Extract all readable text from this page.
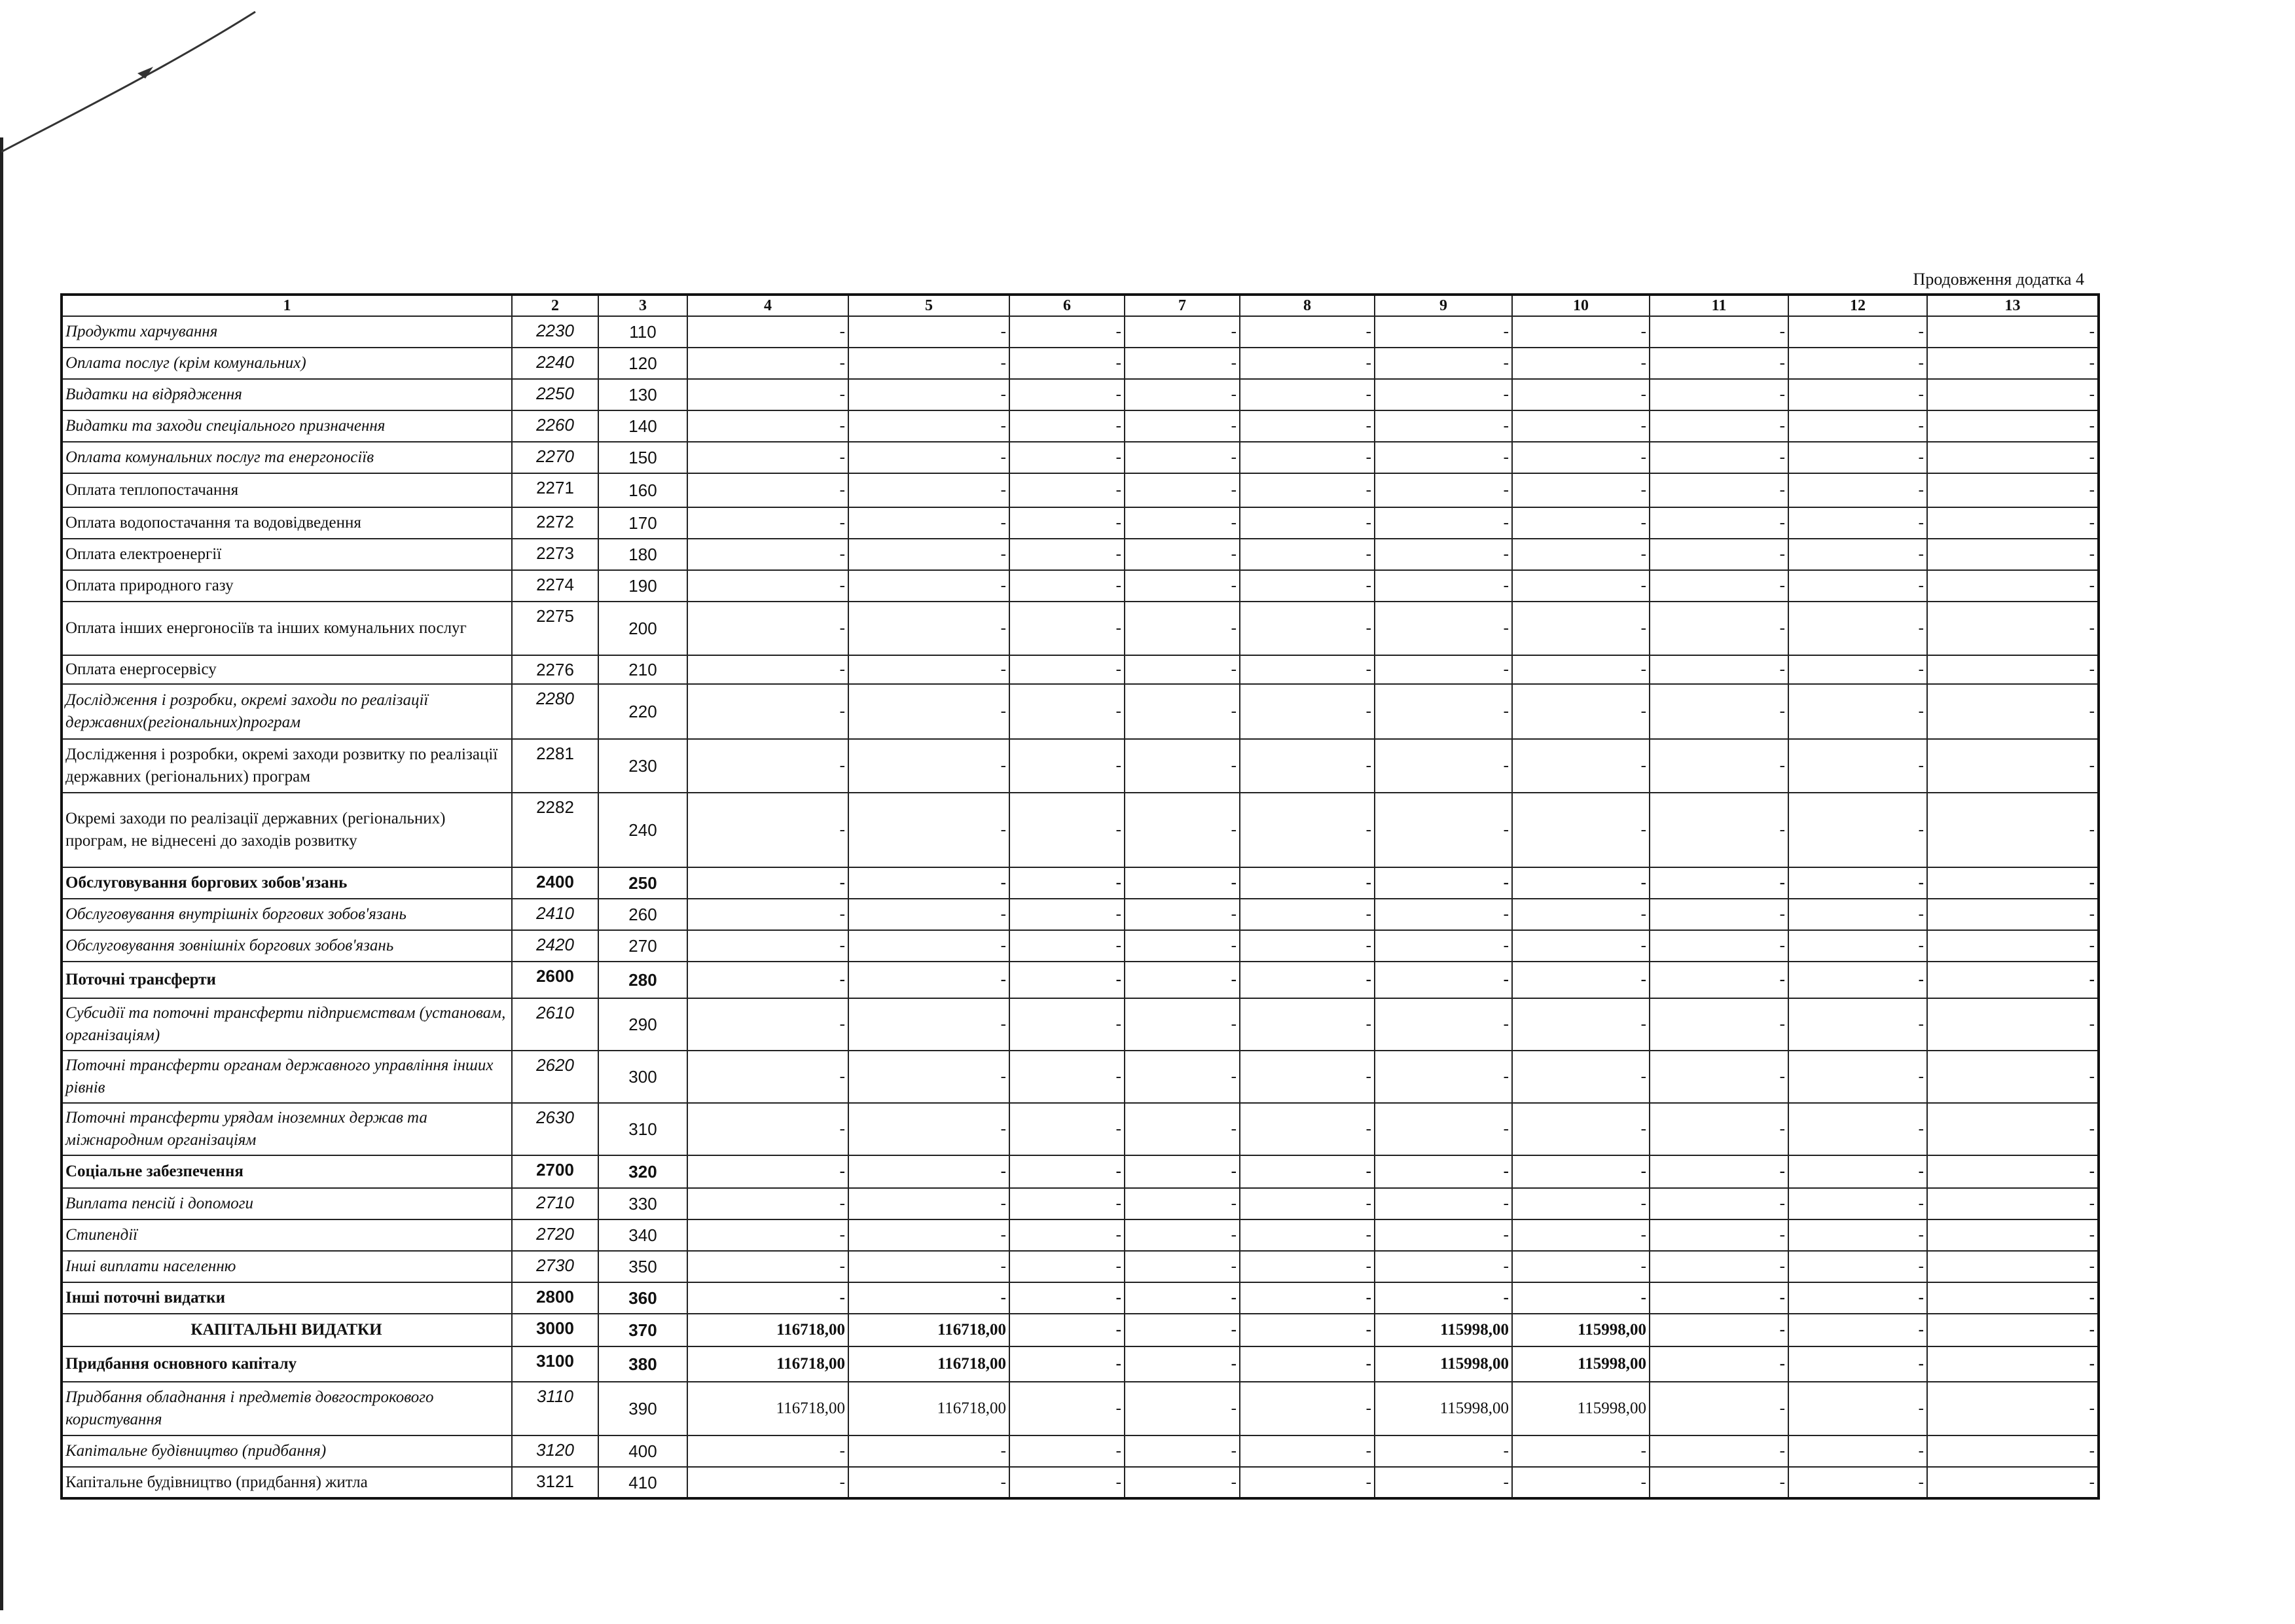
Продовження додатка 4
1	2	3	4	5	6	7	8	9	10	11	12	13
Продукти харчування	2230	110	-	-	-	-	-	-	-	-	-	-
Оплата послуг (крім комунальних)	2240	120	-	-	-	-	-	-	-	-	-	-
Видатки на відрядження	2250	130	-	-	-	-	-	-	-	-	-	-
Видатки та заходи спеціального призначення	2260	140	-	-	-	-	-	-	-	-	-	-
Оплата комунальних послуг та енергоносіїв	2270	150	-	-	-	-	-	-	-	-	-	-
Оплата теплопостачання	2271	160	-	-	-	-	-	-	-	-	-	-
Оплата водопостачання та водовідведення	2272	170	-	-	-	-	-	-	-	-	-	-
Оплата електроенергії	2273	180	-	-	-	-	-	-	-	-	-	-
Оплата природного газу	2274	190	-	-	-	-	-	-	-	-	-	-
Оплата інших енергоносіїв та інших комунальних послуг	2275	200	-	-	-	-	-	-	-	-	-	-
Оплата енергосервісу	2276	210	-	-	-	-	-	-	-	-	-	-
Дослідження і розробки, окремі заходи по реалізації державних(регіональних)програм	2280	220	-	-	-	-	-	-	-	-	-	-
Дослідження і розробки, окремі заходи розвитку по реалізації державних (регіональних) програм	2281	230	-	-	-	-	-	-	-	-	-	-
Окремі заходи по реалізації державних (регіональних) програм, не віднесені до заходів розвитку	2282	240	-	-	-	-	-	-	-	-	-	-
Обслуговування боргових зобов'язань	2400	250	-	-	-	-	-	-	-	-	-	-
Обслуговування внутрішніх боргових зобов'язань	2410	260	-	-	-	-	-	-	-	-	-	-
Обслуговування зовнішніх боргових зобов'язань	2420	270	-	-	-	-	-	-	-	-	-	-
Поточні трансферти	2600	280	-	-	-	-	-	-	-	-	-	-
Субсидії та поточні трансферти підприємствам (установам, організаціям)	2610	290	-	-	-	-	-	-	-	-	-	-
Поточні трансферти органам державного управління інших рівнів	2620	300	-	-	-	-	-	-	-	-	-	-
Поточні трансферти урядам іноземних держав та міжнародним організаціям	2630	310	-	-	-	-	-	-	-	-	-	-
Соціальне забезпечення	2700	320	-	-	-	-	-	-	-	-	-	-
Виплата пенсій і допомоги	2710	330	-	-	-	-	-	-	-	-	-	-
Стипендії	2720	340	-	-	-	-	-	-	-	-	-	-
Інші виплати населенню	2730	350	-	-	-	-	-	-	-	-	-	-
Інші поточні видатки	2800	360	-	-	-	-	-	-	-	-	-	-
КАПІТАЛЬНІ ВИДАТКИ	3000	370	116718,00	116718,00	-	-	-	115998,00	115998,00	-	-	-
Придбання основного капіталу	3100	380	116718,00	116718,00	-	-	-	115998,00	115998,00	-	-	-
Придбання обладнання і предметів довгострокового користування	3110	390	116718,00	116718,00	-	-	-	115998,00	115998,00	-	-	-
Капітальне будівництво (придбання)	3120	400	-	-	-	-	-	-	-	-	-	-
Капітальне будівництво (придбання) житла	3121	410	-	-	-	-	-	-	-	-	-	-
